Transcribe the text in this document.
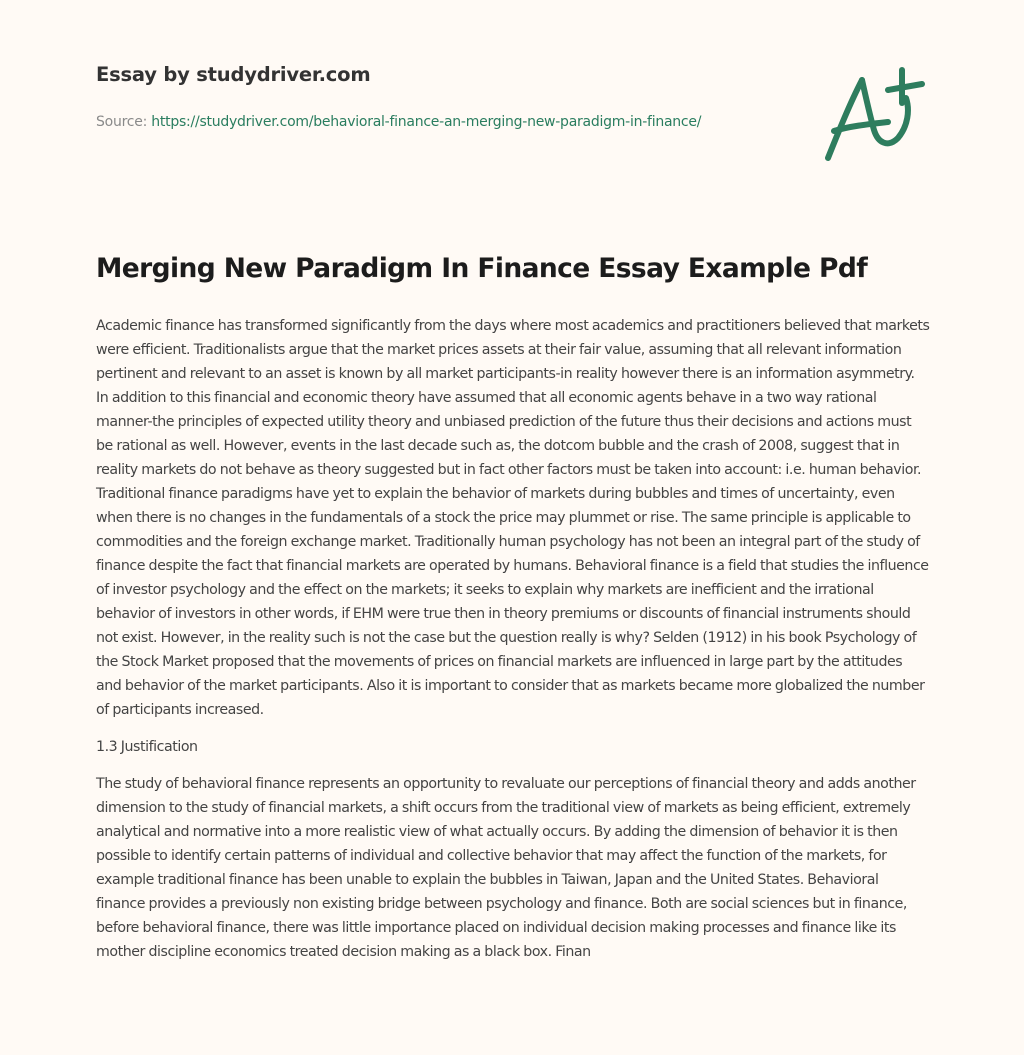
Essay by studydriver.com
Source: https://studydriver.com/behavioral-finance-an-merging-new-paradigm-in-finance/
Merging New Paradigm In Finance Essay Example Pdf

Academic finance has transformed significantly from the days where most academics and practitioners believed that markets were efficient. Traditionalists argue that the market prices assets at their fair value, assuming that all relevant information pertinent and relevant to an asset is known by all market participants-in reality however there is an information asymmetry. In addition to this financial and economic theory have assumed that all economic agents behave in a two way rational manner-the principles of expected utility theory and unbiased prediction of the future thus their decisions and actions must be rational as well. However, events in the last decade such as, the dotcom bubble and the crash of 2008, suggest that in reality markets do not behave as theory suggested but in fact other factors must be taken into account: i.e. human behavior. Traditional finance paradigms have yet to explain the behavior of markets during bubbles and times of uncertainty, even when there is no changes in the fundamentals of a stock the price may plummet or rise. The same principle is applicable to commodities and the foreign exchange market. Traditionally human psychology has not been an integral part of the study of finance despite the fact that financial markets are operated by humans. Behavioral finance is a field that studies the influence of investor psychology and the effect on the markets; it seeks to explain why markets are inefficient and the irrational behavior of investors in other words, if EHM were true then in theory premiums or discounts of financial instruments should not exist. However, in the reality such is not the case but the question really is why? Selden (1912) in his book Psychology of the Stock Market proposed that the movements of prices on financial markets are influenced in large part by the attitudes and behavior of the market participants. Also it is important to consider that as markets became more globalized the number of participants increased.

1.3 Justification

The study of behavioral finance represents an opportunity to revaluate our perceptions of financial theory and adds another dimension to the study of financial markets, a shift occurs from the traditional view of markets as being efficient, extremely analytical and normative into a more realistic view of what actually occurs. By adding the dimension of behavior it is then possible to identify certain patterns of individual and collective behavior that may affect the function of the markets, for example traditional finance has been unable to explain the bubbles in Taiwan, Japan and the United States. Behavioral finance provides a previously non existing bridge between psychology and finance. Both are social sciences but in finance, before behavioral finance, there was little importance placed on individual decision making processes and finance like its mother discipline economics treated decision making as a black box. Finan
